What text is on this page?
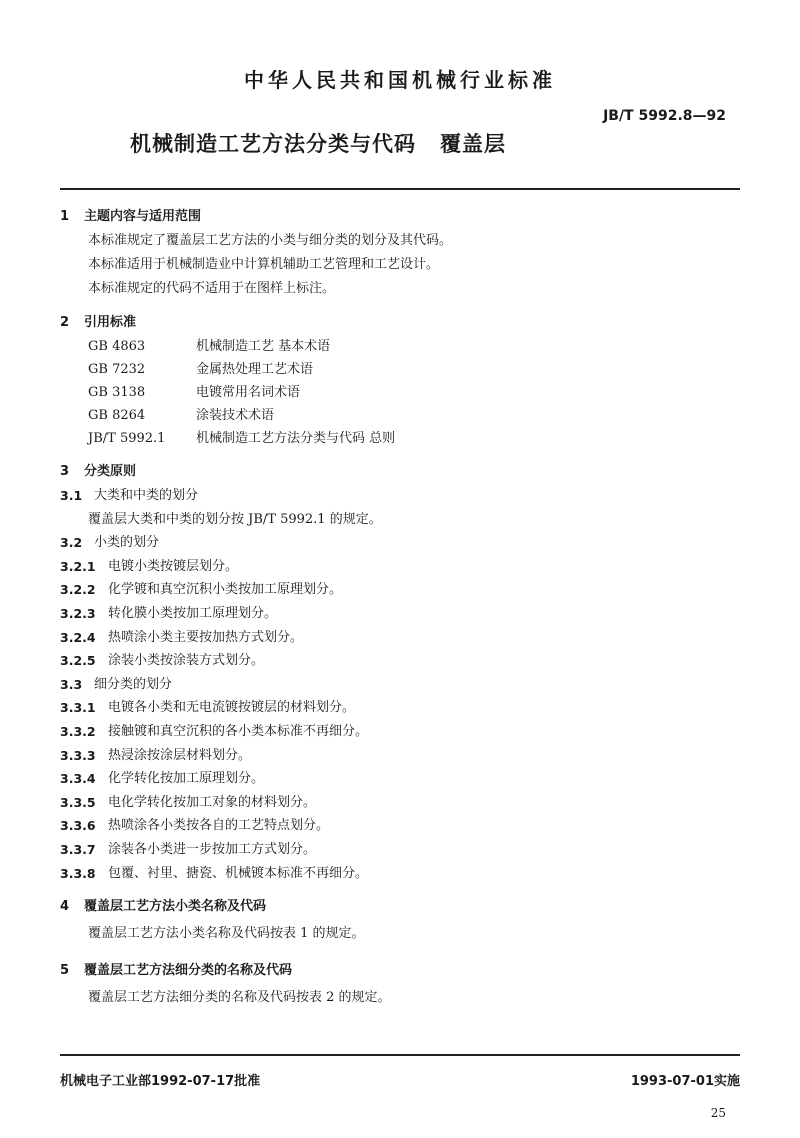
中华人民共和国机械行业标准
JB/T 5992.8—92
机械制造工艺方法分类与代码 覆盖层
1 主题内容与适用范围
本标准规定了覆盖层工艺方法的小类与细分类的划分及其代码。
本标准适用于机械制造业中计算机辅助工艺管理和工艺设计。
本标准规定的代码不适用于在图样上标注。
2 引用标准
GB 4863	机械制造工艺 基本术语
GB 7232	金属热处理工艺术语
GB 3138	电镀常用名词术语
GB 8264	涂装技术术语
JB/T 5992.1	机械制造工艺方法分类与代码 总则
3 分类原则
3.1 大类和中类的划分
覆盖层大类和中类的划分按 JB/T 5992.1 的规定。
3.2 小类的划分
3.2.1 电镀小类按镀层划分。
3.2.2 化学镀和真空沉积小类按加工原理划分。
3.2.3 转化膜小类按加工原理划分。
3.2.4 热喷涂小类主要按加热方式划分。
3.2.5 涂装小类按涂装方式划分。
3.3 细分类的划分
3.3.1 电镀各小类和无电流镀按镀层的材料划分。
3.3.2 接触镀和真空沉积的各小类本标准不再细分。
3.3.3 热浸涂按涂层材料划分。
3.3.4 化学转化按加工原理划分。
3.3.5 电化学转化按加工对象的材料划分。
3.3.6 热喷涂各小类按各自的工艺特点划分。
3.3.7 涂装各小类进一步按加工方式划分。
3.3.8 包覆、衬里、搪瓷、机械镀本标准不再细分。
4 覆盖层工艺方法小类名称及代码
覆盖层工艺方法小类名称及代码按表 1 的规定。
5 覆盖层工艺方法细分类的名称及代码
覆盖层工艺方法细分类的名称及代码按表 2 的规定。
机械电子工业部1992-07-17批准	1993-07-01实施
25
